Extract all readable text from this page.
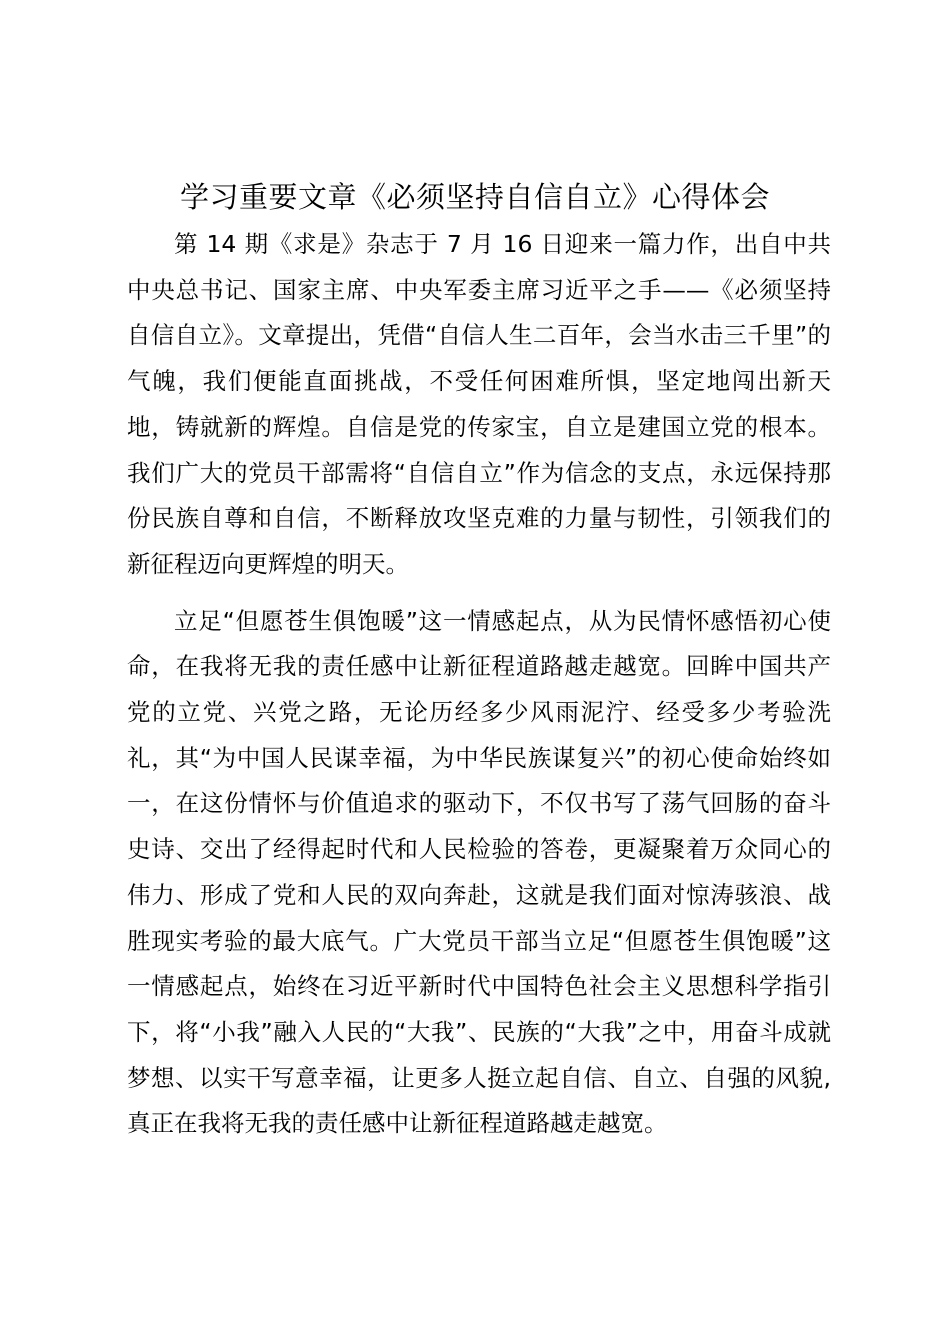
学习重要文章《必须坚持自信自立》心得体会

第 14 期《求是》杂志于 7 月 16 日迎来一篇力作，出自中共中央总书记、国家主席、中央军委主席习近平之手——《必须坚持自信自立》。文章提出，凭借“自信人生二百年，会当水击三千里”的气魄，我们便能直面挑战，不受任何困难所惧，坚定地闯出新天地，铸就新的辉煌。自信是党的传家宝，自立是建国立党的根本。我们广大的党员干部需将“自信自立”作为信念的支点，永远保持那份民族自尊和自信，不断释放攻坚克难的力量与韧性，引领我们的新征程迈向更辉煌的明天。

立足“但愿苍生俱饱暖”这一情感起点，从为民情怀感悟初心使命，在我将无我的责任感中让新征程道路越走越宽。回眸中国共产党的立党、兴党之路，无论历经多少风雨泥泞、经受多少考验洗礼，其“为中国人民谋幸福，为中华民族谋复兴”的初心使命始终如一，在这份情怀与价值追求的驱动下，不仅书写了荡气回肠的奋斗史诗、交出了经得起时代和人民检验的答卷，更凝聚着万众同心的伟力、形成了党和人民的双向奔赴，这就是我们面对惊涛骇浪、战胜现实考验的最大底气。广大党员干部当立足“但愿苍生俱饱暖”这一情感起点，始终在习近平新时代中国特色社会主义思想科学指引下，将“小我”融入人民的“大我”、民族的“大我”之中，用奋斗成就梦想、以实干写意幸福，让更多人挺立起自信、自立、自强的风貌,真正在我将无我的责任感中让新征程道路越走越宽。
